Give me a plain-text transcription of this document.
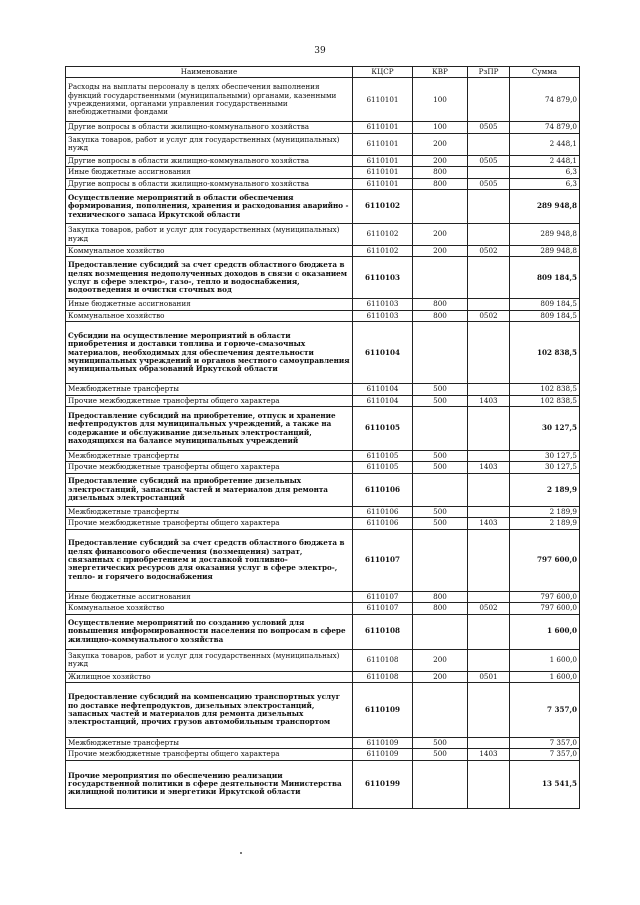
39
Наименование	КЦСР	КВР	РзПР	Сумма
Расходы на выплаты персоналу в целях обеспечения выполнения функций государственными (муниципальными) органами, казенными учреждениями, органами управления государственными внебюджетными фондами	6110101	100		74 879,0
Другие вопросы в области жилищно-коммунального хозяйства	6110101	100	0505	74 879,0
Закупка товаров, работ и услуг для государственных (муниципальных) нужд	6110101	200		2 448,1
Другие вопросы в области жилищно-коммунального хозяйства	6110101	200	0505	2 448,1
Иные бюджетные ассигнования	6110101	800		6,3
Другие вопросы в области жилищно-коммунального хозяйства	6110101	800	0505	6,3
Осуществление мероприятий в области обеспечения формирования, пополнения, хранения и расходования аварийно - технического запаса Иркутской области	6110102			289 948,8
Закупка товаров, работ и услуг для государственных (муниципальных) нужд	6110102	200		289 948,8
Коммунальное хозяйство	6110102	200	0502	289 948,8
Предоставление субсидий за счет средств областного бюджета в целях возмещения недополученных доходов в связи с оказанием услуг в сфере электро-, газо-, тепло и водоснабжения, водоотведения и очистки сточных вод	6110103			809 184,5
Иные бюджетные ассигнования	6110103	800		809 184,5
Коммунальное хозяйство	6110103	800	0502	809 184,5
Субсидии на осуществление мероприятий в области приобретения и доставки топлива и горюче-смазочных материалов, необходимых для обеспечения деятельности муниципальных учреждений и органов местного самоуправления муниципальных образований Иркутской области	6110104			102 838,5
Межбюджетные трансферты	6110104	500		102 838,5
Прочие межбюджетные трансферты общего характера	6110104	500	1403	102 838,5
Предоставление субсидий на приобретение, отпуск и хранение нефтепродуктов для муниципальных учреждений, а также на содержание и обслуживание дизельных электростанций, находящихся на балансе муниципальных учреждений	6110105			30 127,5
Межбюджетные трансферты	6110105	500		30 127,5
Прочие межбюджетные трансферты общего характера	6110105	500	1403	30 127,5
Предоставление субсидий на приобретение дизельных электростанций, запасных частей и материалов для ремонта дизельных электростанций	6110106			2 189,9
Межбюджетные трансферты	6110106	500		2 189,9
Прочие межбюджетные трансферты общего характера	6110106	500	1403	2 189,9
Предоставление субсидий за счет средств областного бюджета в целях финансового обеспечения (возмещения) затрат, связанных с приобретением и доставкой топливно-энергетических ресурсов для оказания услуг в сфере электро-, тепло- и горячего водоснабжения	6110107			797 600,0
Иные бюджетные ассигнования	6110107	800		797 600,0
Коммунальное хозяйство	6110107	800	0502	797 600,0
Осуществление мероприятий по созданию условий для повышения информированности населения по вопросам в сфере жилищно-коммунального хозяйства	6110108			1 600,0
Закупка товаров, работ и услуг для государственных (муниципальных) нужд	6110108	200		1 600,0
Жилищное хозяйство	6110108	200	0501	1 600,0
Предоставление субсидий на компенсацию транспортных услуг по доставке нефтепродуктов, дизельных электростанций, запасных частей и материалов для ремонта дизельных электростанций, прочих грузов автомобильным транспортом	6110109			7 357,0
Межбюджетные трансферты	6110109	500		7 357,0
Прочие межбюджетные трансферты общего характера	6110109	500	1403	7 357,0
Прочие мероприятия по обеспечению реализации государственной политики в сфере деятельности Министерства жилищной политики и энергетики Иркутской области	6110199			13 541,5
